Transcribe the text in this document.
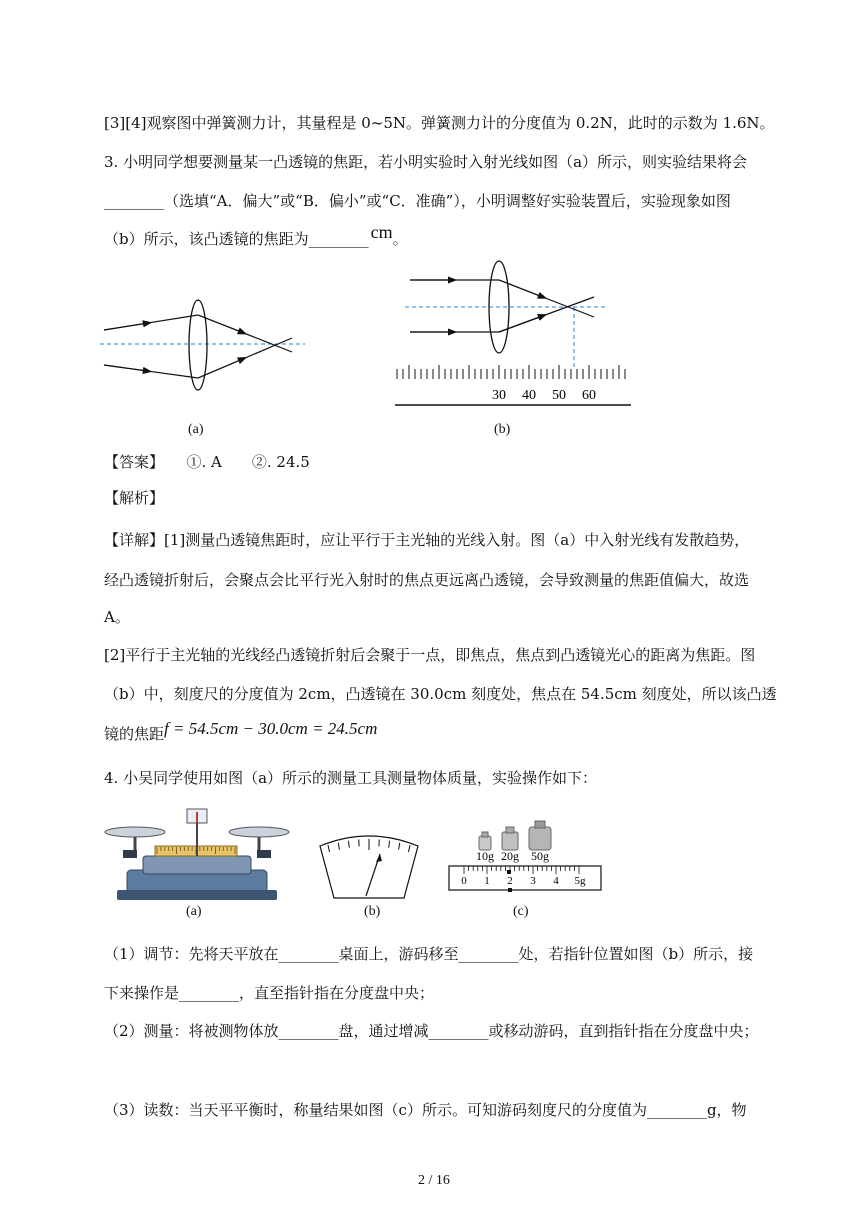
[3][4]观察图中弹簧测力计，其量程是 0~5N。弹簧测力计的分度值为 0.2N，此时的示数为 1.6N。
3. 小明同学想要测量某一凸透镜的焦距，若小明实验时入射光线如图（a）所示，则实验结果将会
________（选填“A．偏大”或“B．偏小”或“C．准确”），小明调整好实验装置后，实验现象如图
（b）所示，该凸透镜的焦距为________ cm。
(a)
30 40 50 60
(b)
【答案】　　①. A　　②. 24.5
【解析】
【详解】[1]测量凸透镜焦距时，应让平行于主光轴的光线入射。图（a）中入射光线有发散趋势，
经凸透镜折射后，会聚点会比平行光入射时的焦点更远离凸透镜，会导致测量的焦距值偏大，故选
A。
[2]平行于主光轴的光线经凸透镜折射后会聚于一点，即焦点，焦点到凸透镜光心的距离为焦距。图
（b）中，刻度尺的分度值为 2cm，凸透镜在 30.0cm 刻度处，焦点在 54.5cm 刻度处，所以该凸透
镜的焦距f = 54.5cm − 30.0cm = 24.5cm
4. 小吴同学使用如图（a）所示的测量工具测量物体质量，实验操作如下：
(a)	(b)
10g 20g 50g
0 1 2 3 4 5g
(c)
（1）调节：先将天平放在________桌面上，游码移至________处，若指针位置如图（b）所示，接
下来操作是________，直至指针指在分度盘中央；
（2）测量：将被测物体放________盘，通过增减________或移动游码，直到指针指在分度盘中央；
（3）读数：当天平平衡时，称量结果如图（c）所示。可知游码刻度尺的分度值为________g，物
2 / 16
